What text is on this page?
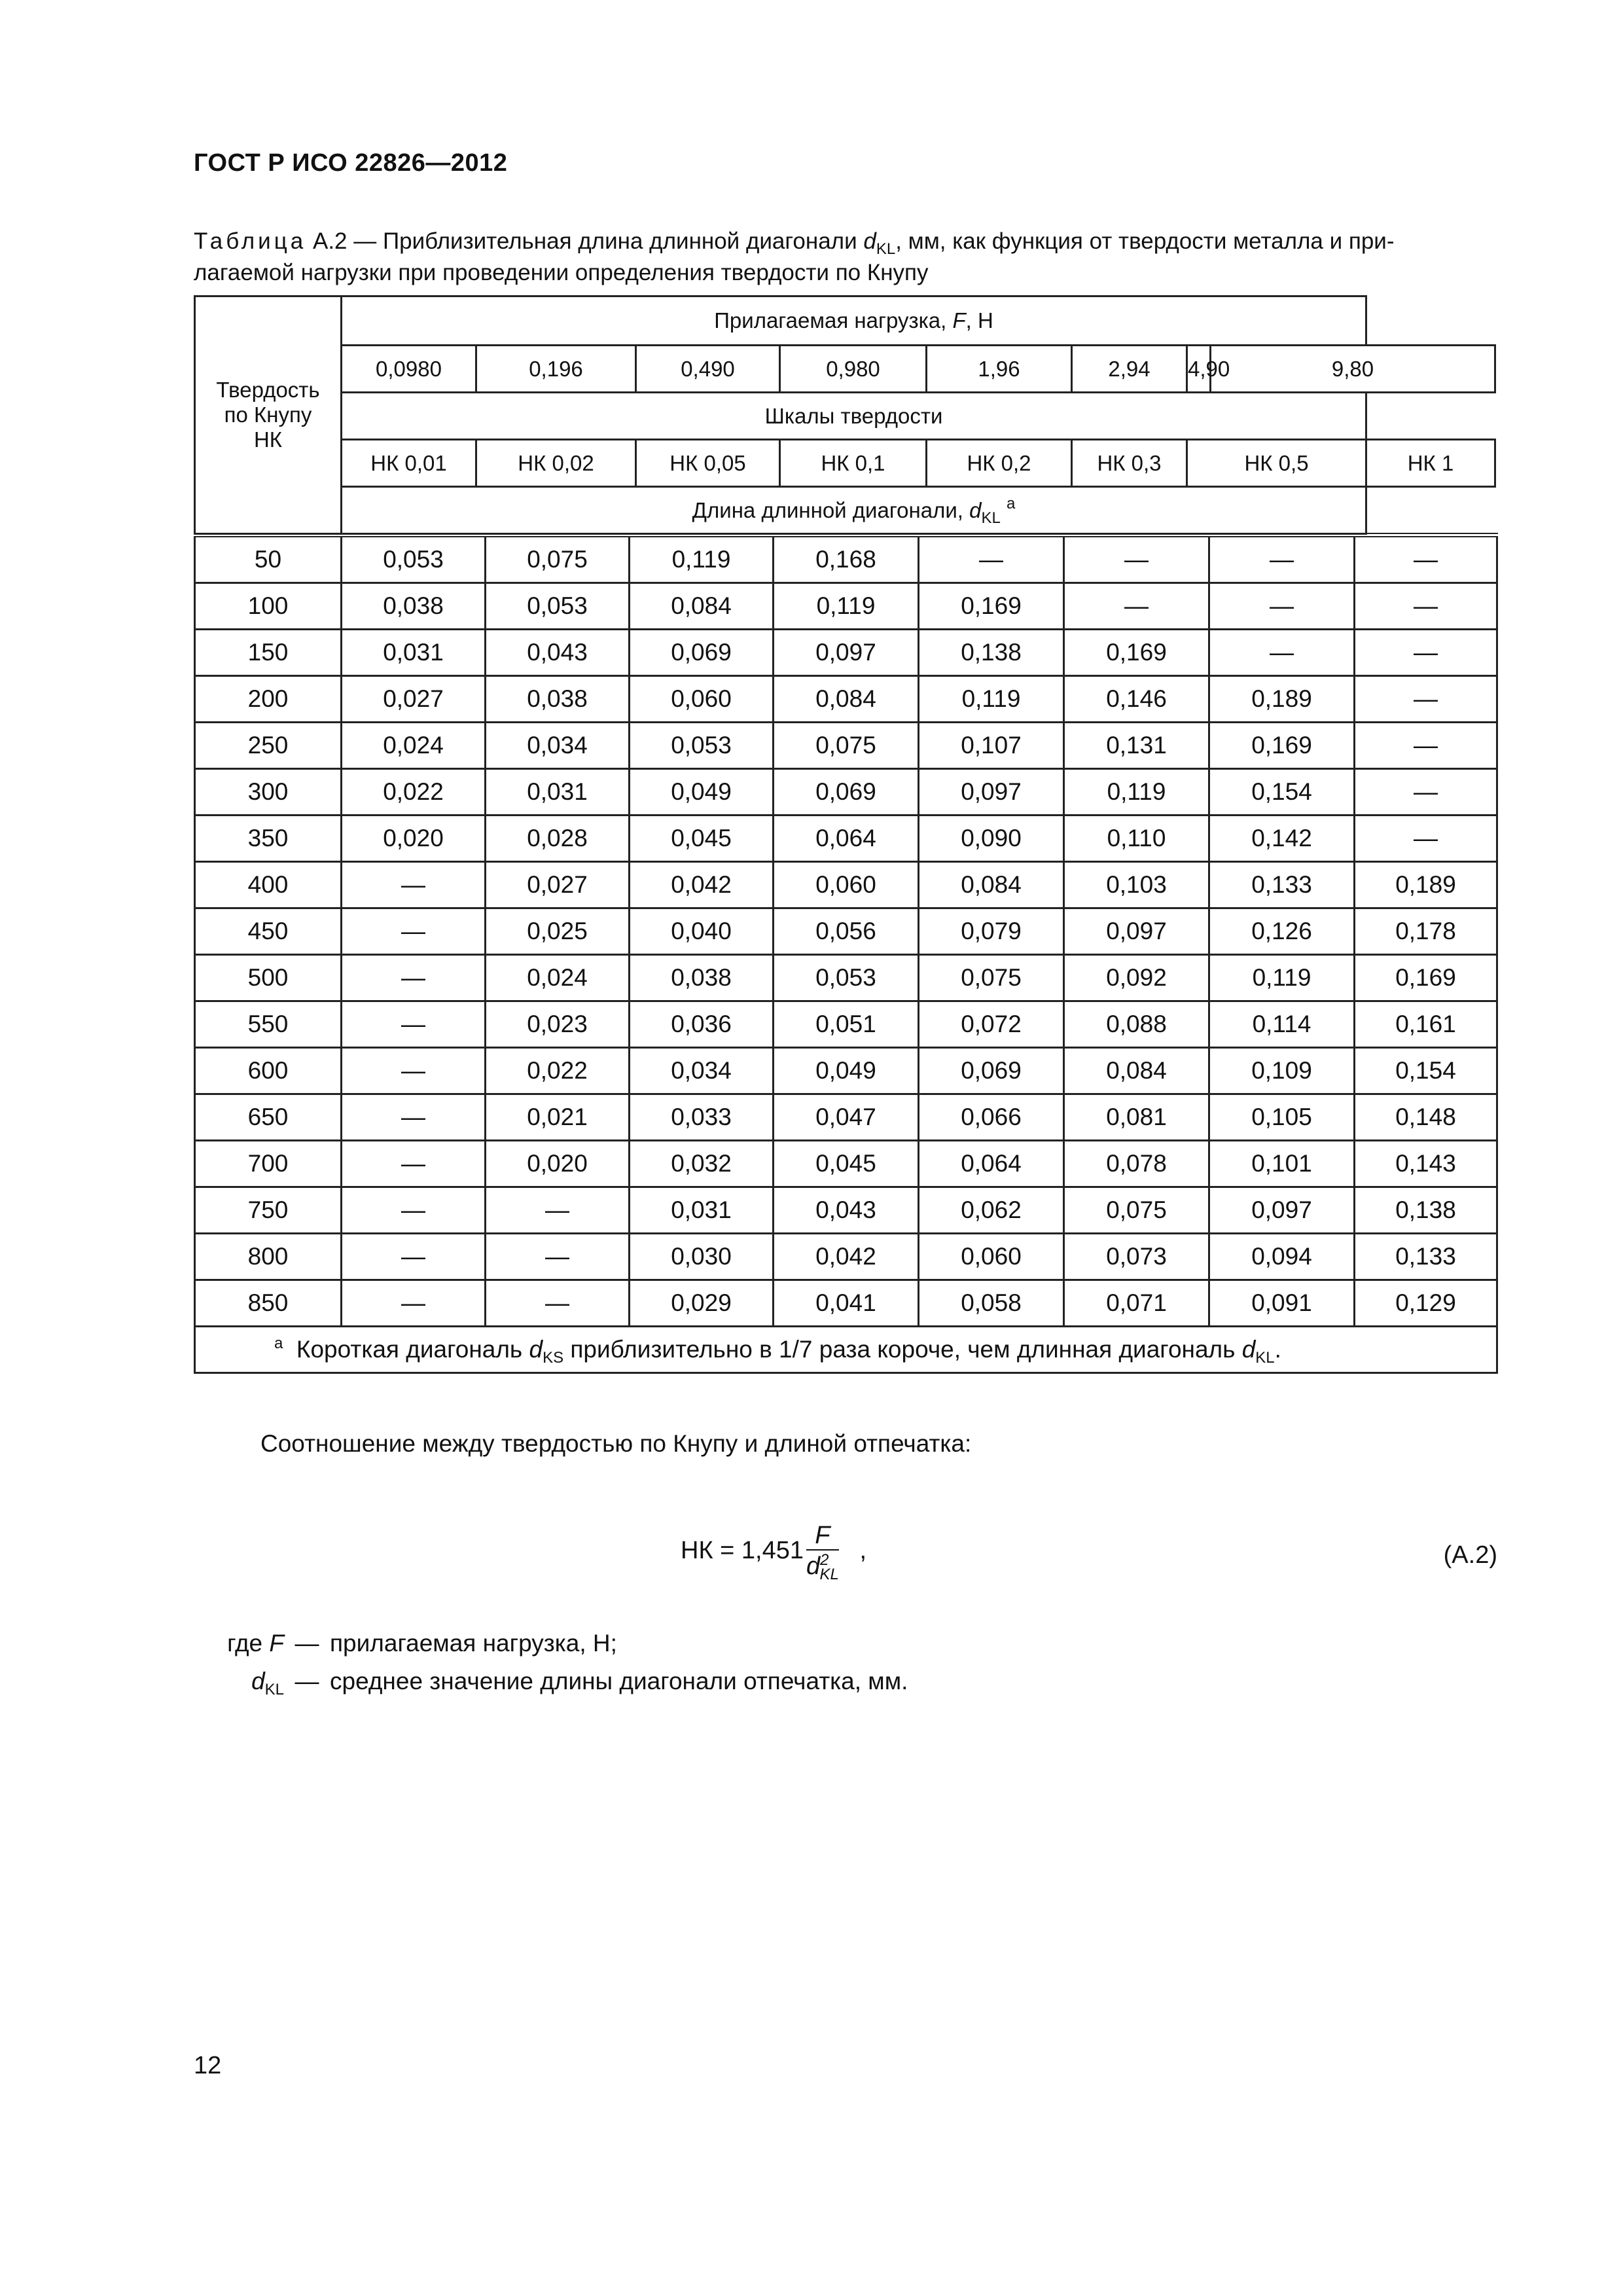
ГОСТ Р ИСО 22826—2012
Таблица А.2 — Приблизительная длина длинной диагонали $d_{KL}$, мм, как функция от твердости металла и при-
лагаемой нагрузки при проведении определения твердости по Кнупу
Твердость
по Кнупу
НК	Прилагаемая нагрузка, F, Н								
	0,0980	0,196	0,490	0,980	1,96	2,94	4,90	9,80	
	Шкалы твердости								
	НК 0,01	НК 0,02	НК 0,05	НК 0,1	НК 0,2	НК 0,3	НК 0,5		НК 1
	Длина длинной диагонали, $d_{KL}$ $^a$
50	0,053	0,075	0,119	0,168	—	—	—	—
100	0,038	0,053	0,084	0,119	0,169	—	—	—
150	0,031	0,043	0,069	0,097	0,138	0,169	—	—
200	0,027	0,038	0,060	0,084	0,119	0,146	0,189	—
250	0,024	0,034	0,053	0,075	0,107	0,131	0,169	—
300	0,022	0,031	0,049	0,069	0,097	0,119	0,154	—
350	0,020	0,028	0,045	0,064	0,090	0,110	0,142	—
400	—	0,027	0,042	0,060	0,084	0,103	0,133	0,189
450	—	0,025	0,040	0,056	0,079	0,097	0,126	0,178
500	—	0,024	0,038	0,053	0,075	0,092	0,119	0,169
550	—	0,023	0,036	0,051	0,072	0,088	0,114	0,161
600	—	0,022	0,034	0,049	0,069	0,084	0,109	0,154
650	—	0,021	0,033	0,047	0,066	0,081	0,105	0,148
700	—	0,020	0,032	0,045	0,064	0,078	0,101	0,143
750	—	—	0,031	0,043	0,062	0,075	0,097	0,138
800	—	—	0,030	0,042	0,060	0,073	0,094	0,133
850	—	—	0,029	0,041	0,058	0,071	0,091	0,129
$^a$ Короткая диагональ $d_{KS}$ приблизительно в 1/7 раза короче, чем длинная диагональ $d_{KL}$.								
Соотношение между твердостью по Кнупу и длиной отпечатка:
НК = $1,451 \frac{F}{d^2_{KL}}$ ,	(А.2)
где F — прилагаемая нагрузка, Н;
$d_{KL}$ — среднее значение длины диагонали отпечатка, мм.
12
